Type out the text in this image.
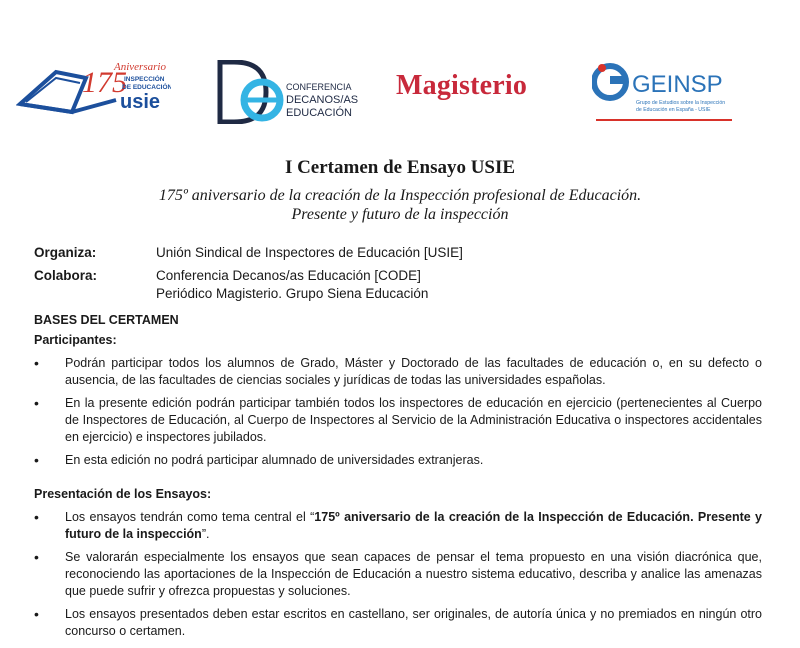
175
Aniversario
INSPECCIÓN
DE EDUCACIÓN
usie
CONFERENCIA
DECANOS/AS
EDUCACIÓN
Magisterio	GEINSP
Grupo de Estudios sobre la Inspección
de Educación en España - USIE
I Certamen de Ensayo USIE
175º aniversario de la creación de la Inspección profesional de Educación.
Presente y futuro de la inspección
Organiza:	Unión Sindical de Inspectores de Educación [USIE]
Colabora:	Conferencia Decanos/as Educación [CODE]
Periódico Magisterio. Grupo Siena Educación
BASES DEL CERTAMEN
Participantes:
• Podrán participar todos los alumnos de Grado, Máster y Doctorado de las facultades de educación o, en su defecto o ausencia, de las facultades de ciencias sociales y jurídicas de todas las universidades españolas.
• En la presente edición podrán participar también todos los inspectores de educación en ejercicio (pertenecientes al Cuerpo de Inspectores de Educación, al Cuerpo de Inspectores al Servicio de la Administración Educativa o inspectores accidentales en ejercicio) e inspectores jubilados.
• En esta edición no podrá participar alumnado de universidades extranjeras.
Presentación de los Ensayos:
• Los ensayos tendrán como tema central el “175º aniversario de la creación de la Inspección de Educación. Presente y futuro de la inspección”.
• Se valorarán especialmente los ensayos que sean capaces de pensar el tema propuesto en una visión diacrónica que, reconociendo las aportaciones de la Inspección de Educación a nuestro sistema educativo, describa y analice las amenazas que puede sufrir y ofrezca propuestas y soluciones.
• Los ensayos presentados deben estar escritos en castellano, ser originales, de autoría única y no premiados en ningún otro concurso o certamen.
